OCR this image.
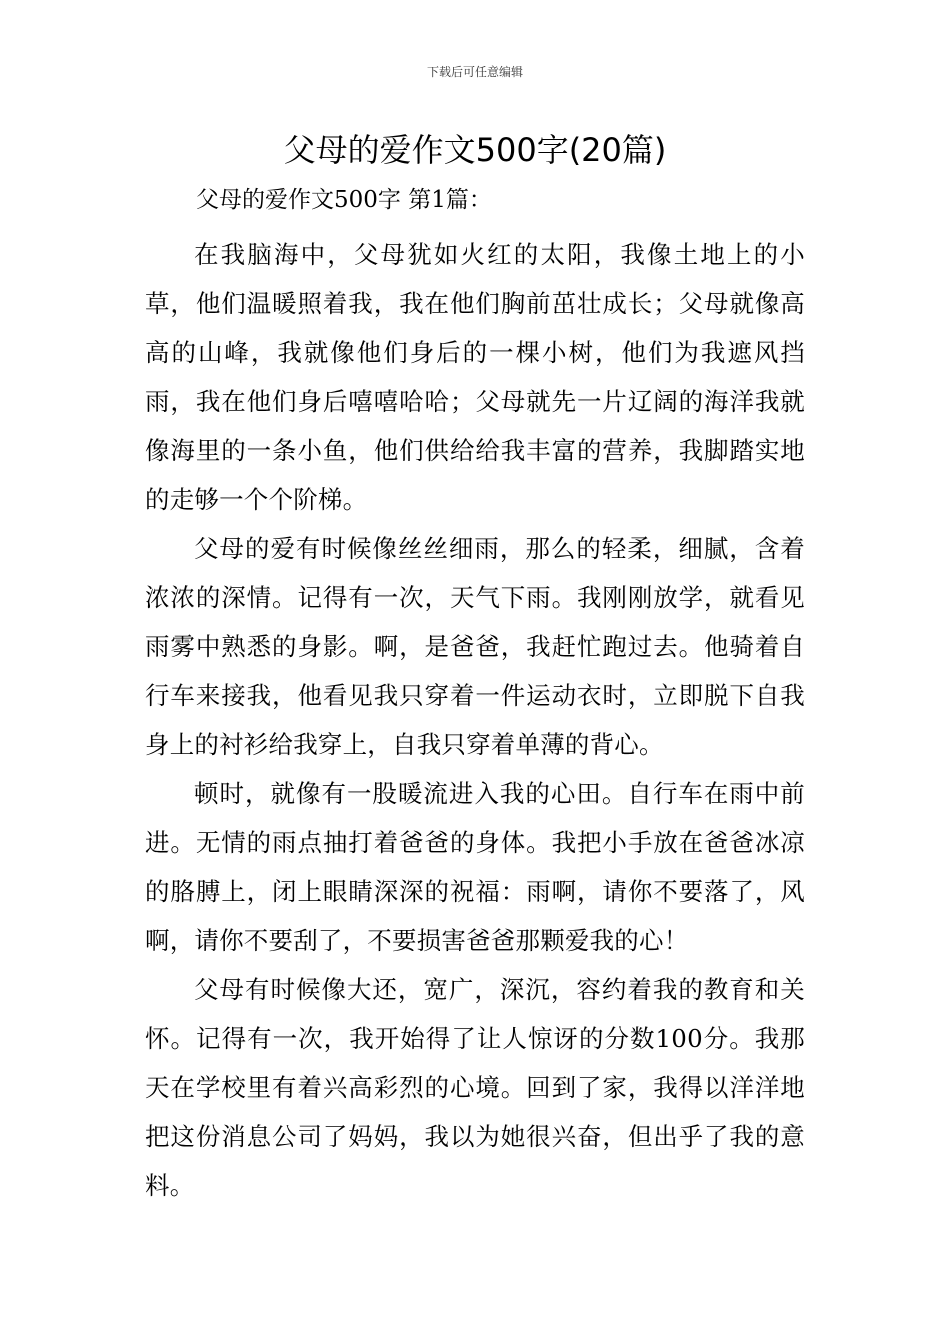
下载后可任意编辑
父母的爱作文500字(20篇)
父母的爱作文500字 第1篇：

在我脑海中，父母犹如火红的太阳，我像土地上的小草，他们温暖照着我，我在他们胸前茁壮成长；父母就像高高的山峰，我就像他们身后的一棵小树，他们为我遮风挡雨，我在他们身后嘻嘻哈哈；父母就先一片辽阔的海洋我就像海里的一条小鱼，他们供给给我丰富的营养，我脚踏实地的走够一个个阶梯。

父母的爱有时候像丝丝细雨，那么的轻柔，细腻，含着浓浓的深情。记得有一次，天气下雨。我刚刚放学，就看见雨雾中熟悉的身影。啊，是爸爸，我赶忙跑过去。他骑着自行车来接我，他看见我只穿着一件运动衣时，立即脱下自我身上的衬衫给我穿上，自我只穿着单薄的背心。

顿时，就像有一股暖流进入我的心田。自行车在雨中前进。无情的雨点抽打着爸爸的身体。我把小手放在爸爸冰凉的胳膊上，闭上眼睛深深的祝福：雨啊，请你不要落了，风啊，请你不要刮了，不要损害爸爸那颗爱我的心！

父母有时候像大还，宽广，深沉，容约着我的教育和关怀。记得有一次，我开始得了让人惊讶的分数100分。我那天在学校里有着兴高彩烈的心境。回到了家，我得以洋洋地把这份消息公司了妈妈，我以为她很兴奋，但出乎了我的意料。
